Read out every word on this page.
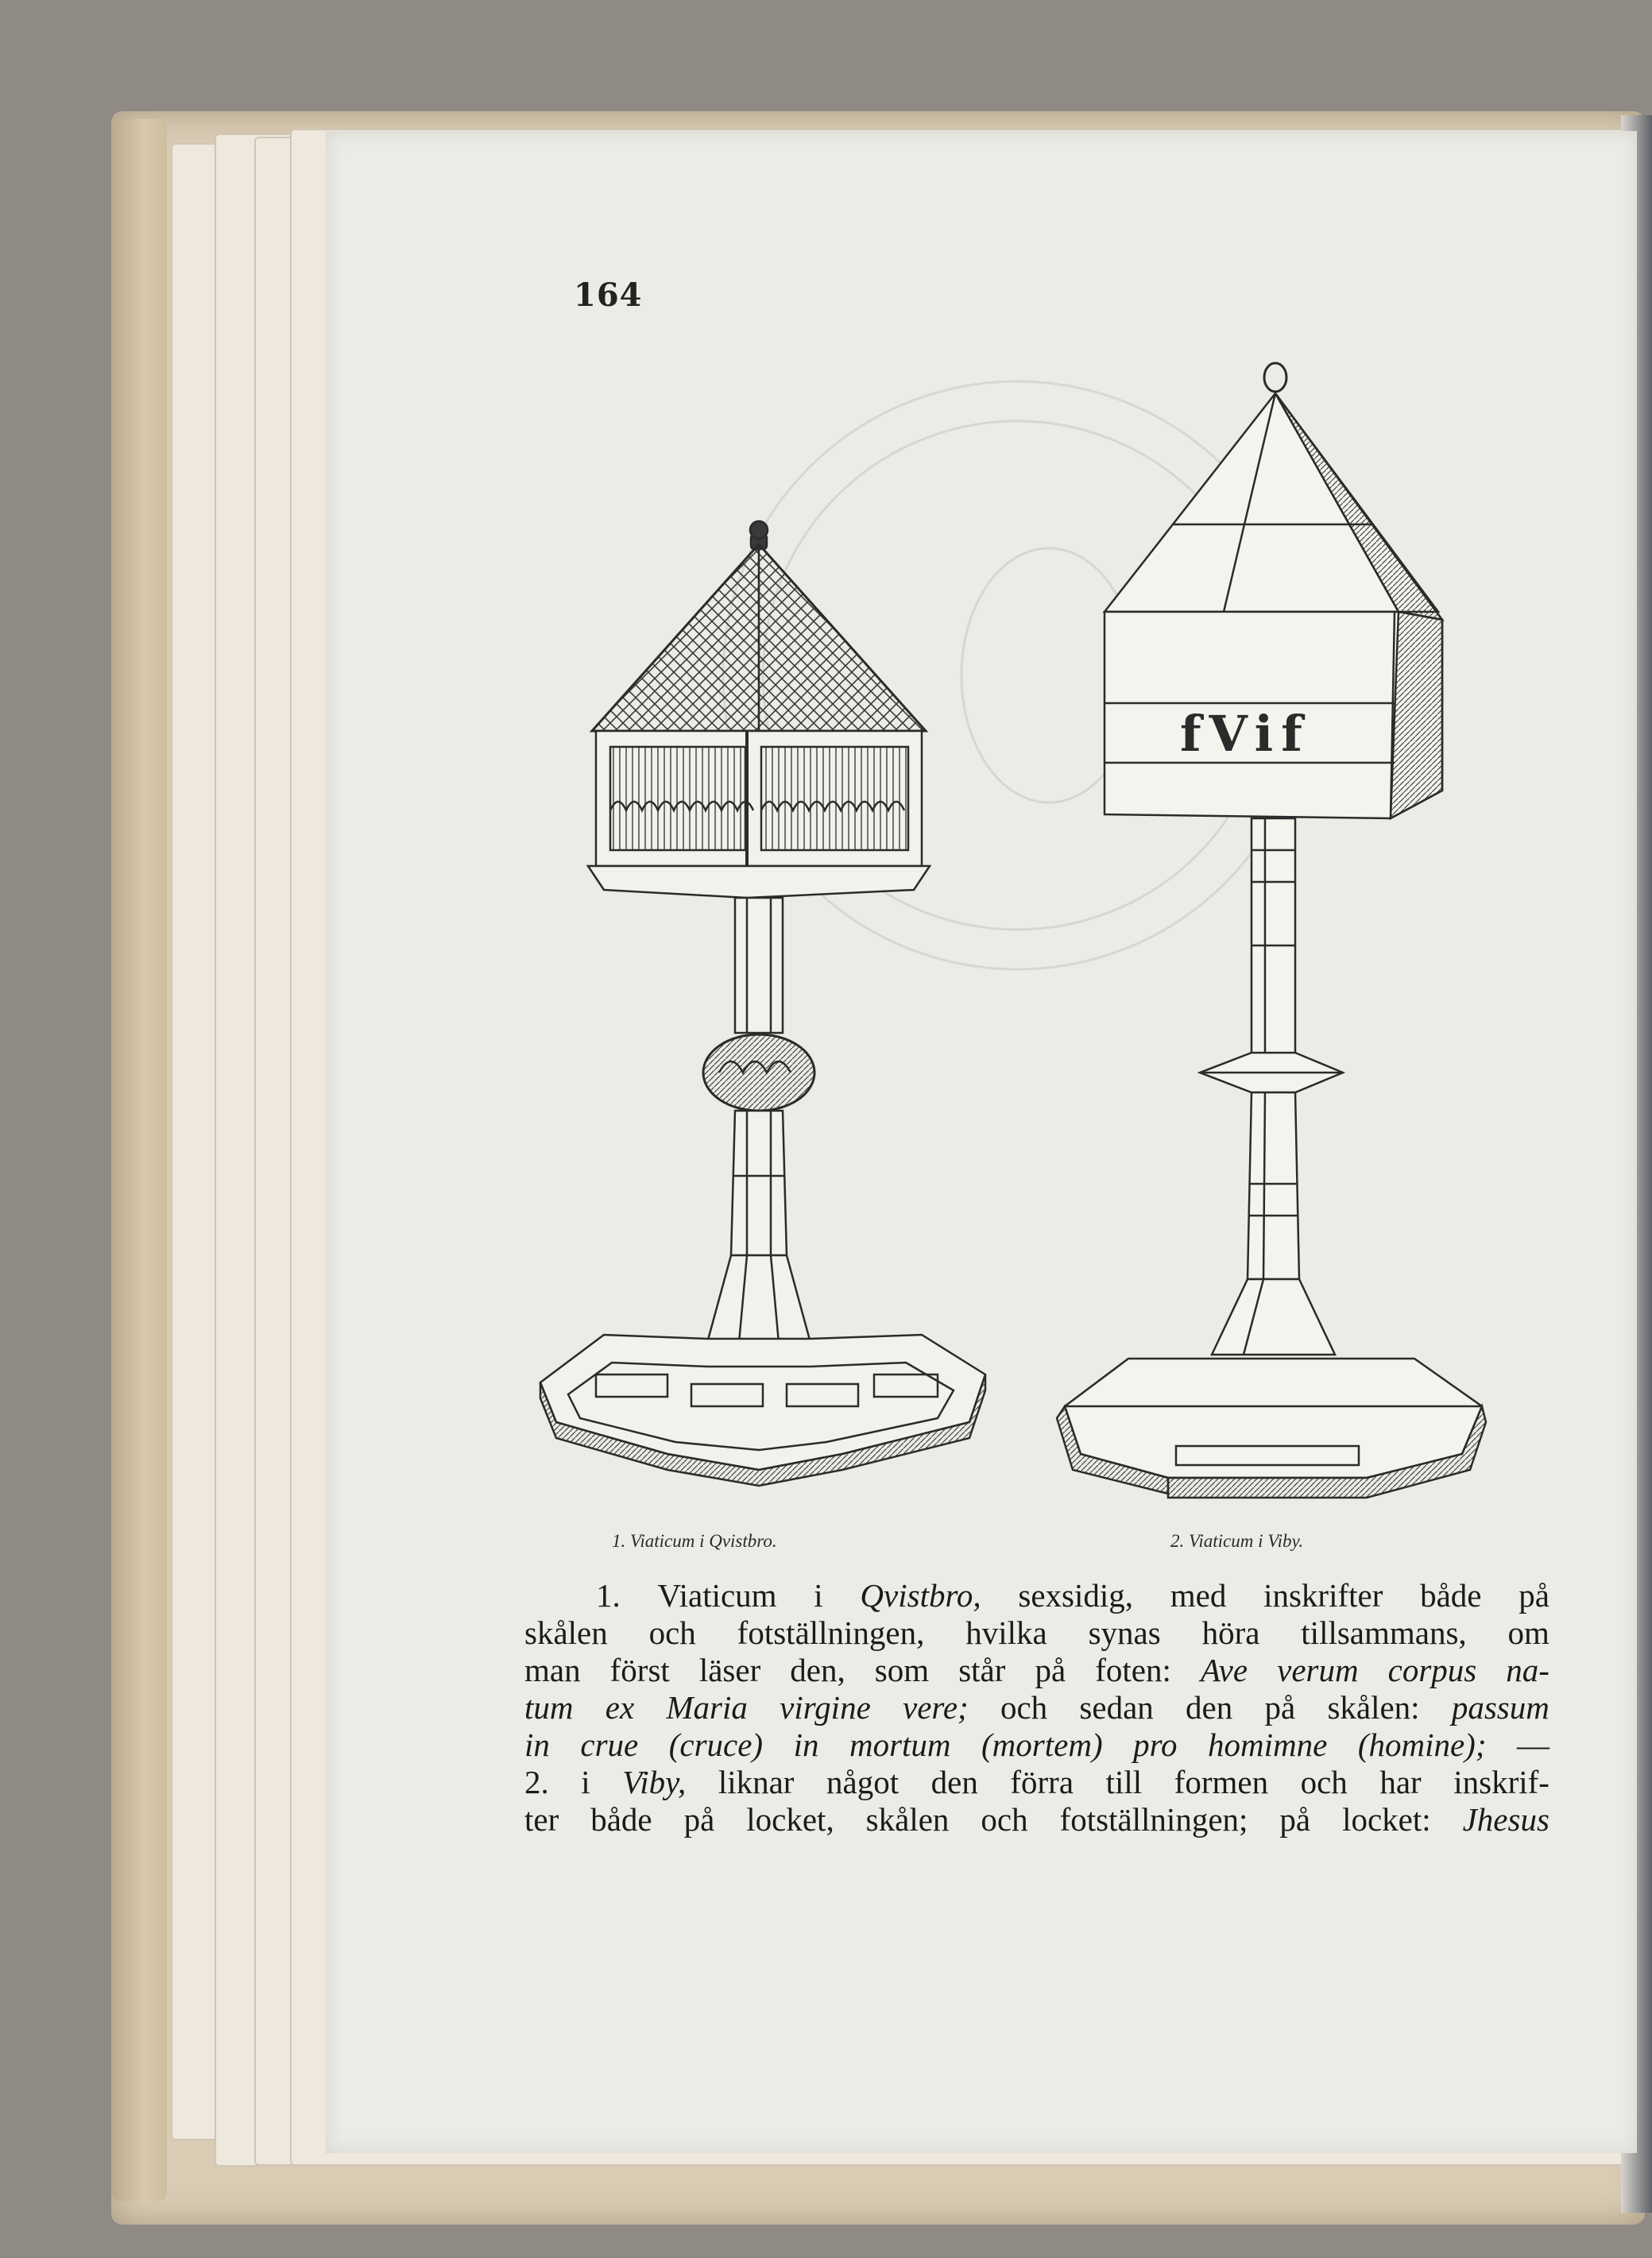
164
fVif
1. Viaticum i Qvistbro.	2. Viaticum i Viby.
1. Viaticum i Qvistbro, sexsidig, med inskrifter både på
skålen och fotställningen, hvilka synas höra tillsammans, om
man först läser den, som står på foten: Ave verum corpus na-
tum ex Maria virgine vere; och sedan den på skålen: passum
in crue (cruce) in mortum (mortem) pro homimne (homine); —
2. i Viby, liknar något den förra till formen och har inskrif-
ter både på locket, skålen och fotställningen; på locket: Jhesus
